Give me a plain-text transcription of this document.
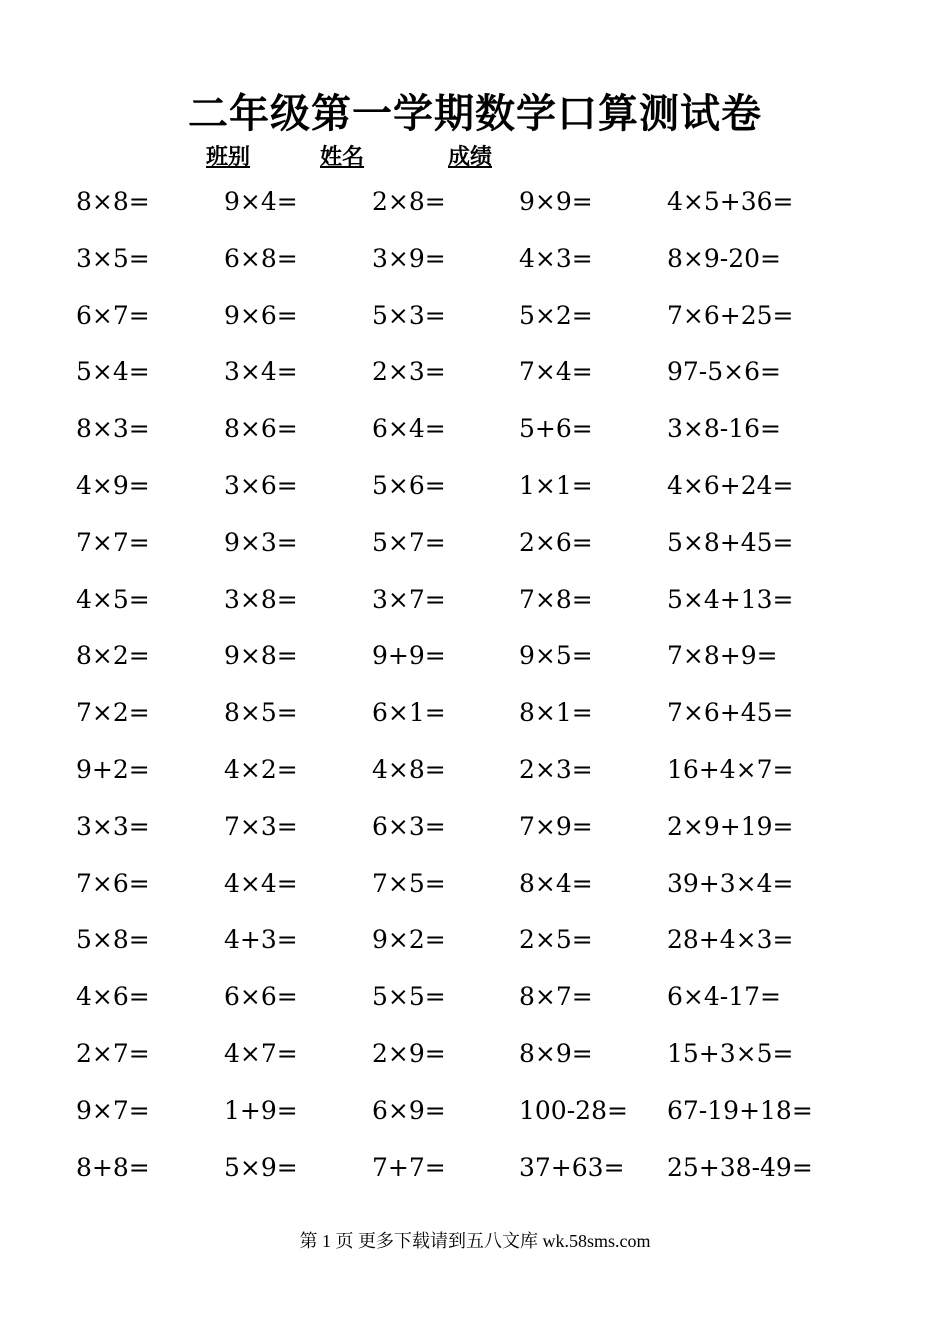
二年级第一学期数学口算测试卷
班别	姓名	成绩
8×8=	9×4=	2×8=	9×9=	4×5+36=
3×5=	6×8=	3×9=	4×3=	8×9-20=
6×7=	9×6=	5×3=	5×2=	7×6+25=
5×4=	3×4=	2×3=	7×4=	97-5×6=
8×3=	8×6=	6×4=	5+6=	3×8-16=
4×9=	3×6=	5×6=	1×1=	4×6+24=
7×7=	9×3=	5×7=	2×6=	5×8+45=
4×5=	3×8=	3×7=	7×8=	5×4+13=
8×2=	9×8=	9+9=	9×5=	7×8+9=
7×2=	8×5=	6×1=	8×1=	7×6+45=
9+2=	4×2=	4×8=	2×3=	16+4×7=
3×3=	7×3=	6×3=	7×9=	2×9+19=
7×6=	4×4=	7×5=	8×4=	39+3×4=
5×8=	4+3=	9×2=	2×5=	28+4×3=
4×6=	6×6=	5×5=	8×7=	6×4-17=
2×7=	4×7=	2×9=	8×9=	15+3×5=
9×7=	1+9=	6×9=	100-28= 67-19+18=
8+8=	5×9=	7+7=	37+63= 25+38-49=
第 1 页 更多下载请到五八文库 wk.58sms.com
